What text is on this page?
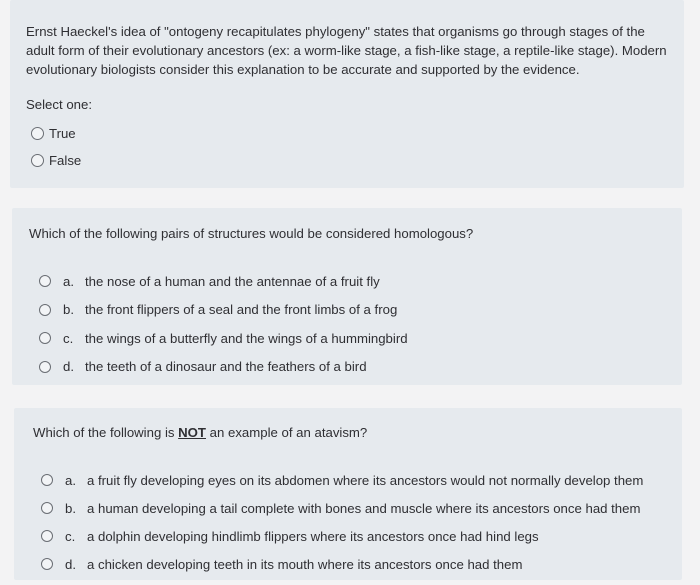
Ernst Haeckel's idea of "ontogeny recapitulates phylogeny" states that organisms go through stages of the adult form of their evolutionary ancestors (ex: a worm-like stage, a fish-like stage, a reptile-like stage). Modern evolutionary biologists consider this explanation to be accurate and supported by the evidence.

Select one:
True
False

Which of the following pairs of structures would be considered homologous?

a. the nose of a human and the antennae of a fruit fly
b. the front flippers of a seal and the front limbs of a frog
c. the wings of a butterfly and the wings of a hummingbird
d. the teeth of a dinosaur and the feathers of a bird

Which of the following is NOT an example of an atavism?

a. a fruit fly developing eyes on its abdomen where its ancestors would not normally develop them
b. a human developing a tail complete with bones and muscle where its ancestors once had them
c. a dolphin developing hindlimb flippers where its ancestors once had hind legs
d. a chicken developing teeth in its mouth where its ancestors once had them
